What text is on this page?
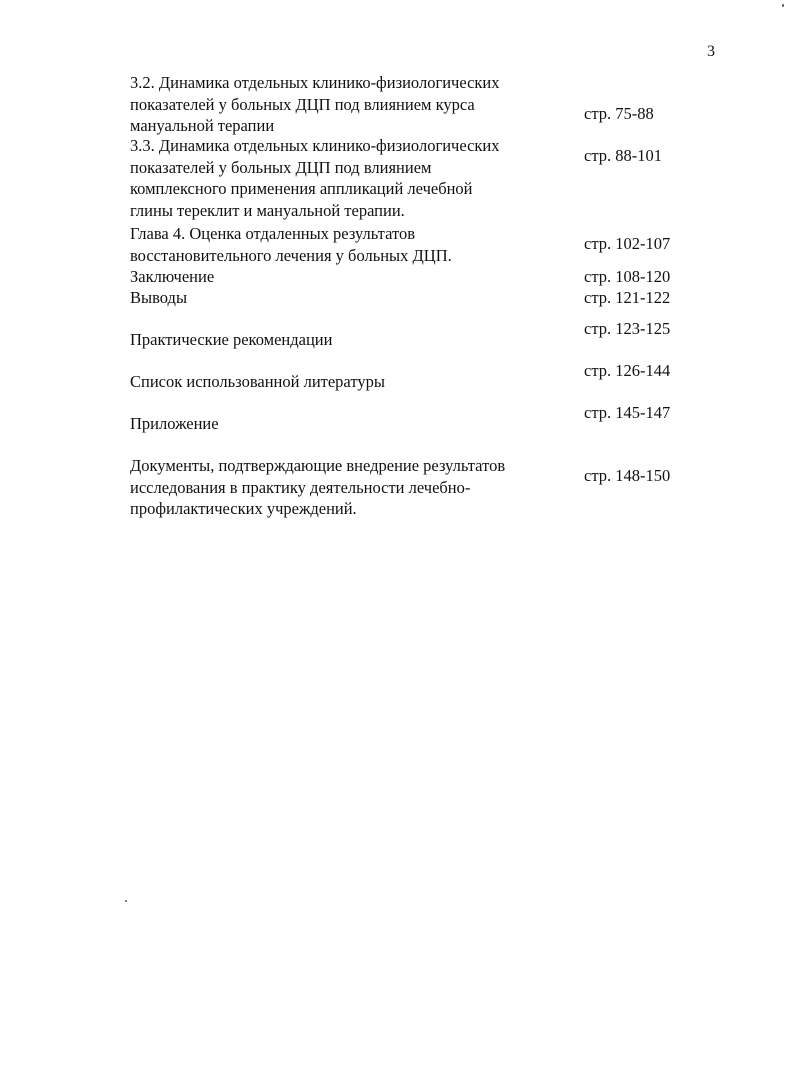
3
3.2. Динамика отдельных клинико-физиологических
показателей у больных ДЦП под влиянием курса
мануальной терапии
стр. 75-88
3.3. Динамика отдельных клинико-физиологических
показателей у больных ДЦП под влиянием
комплексного применения аппликаций лечебной
глины тереклит и мануальной терапии.
стр. 88-101
Глава 4. Оценка отдаленных результатов
восстановительного лечения у больных ДЦП.
стр. 102-107
Заключение	стр. 108-120
Выводы	стр. 121-122
Практические рекомендации
стр. 123-125
Список использованной литературы
стр. 126-144
Приложение
стр. 145-147
Документы, подтверждающие внедрение результатов
исследования в практику деятельности лечебно-
профилактических учреждений.
стр. 148-150
